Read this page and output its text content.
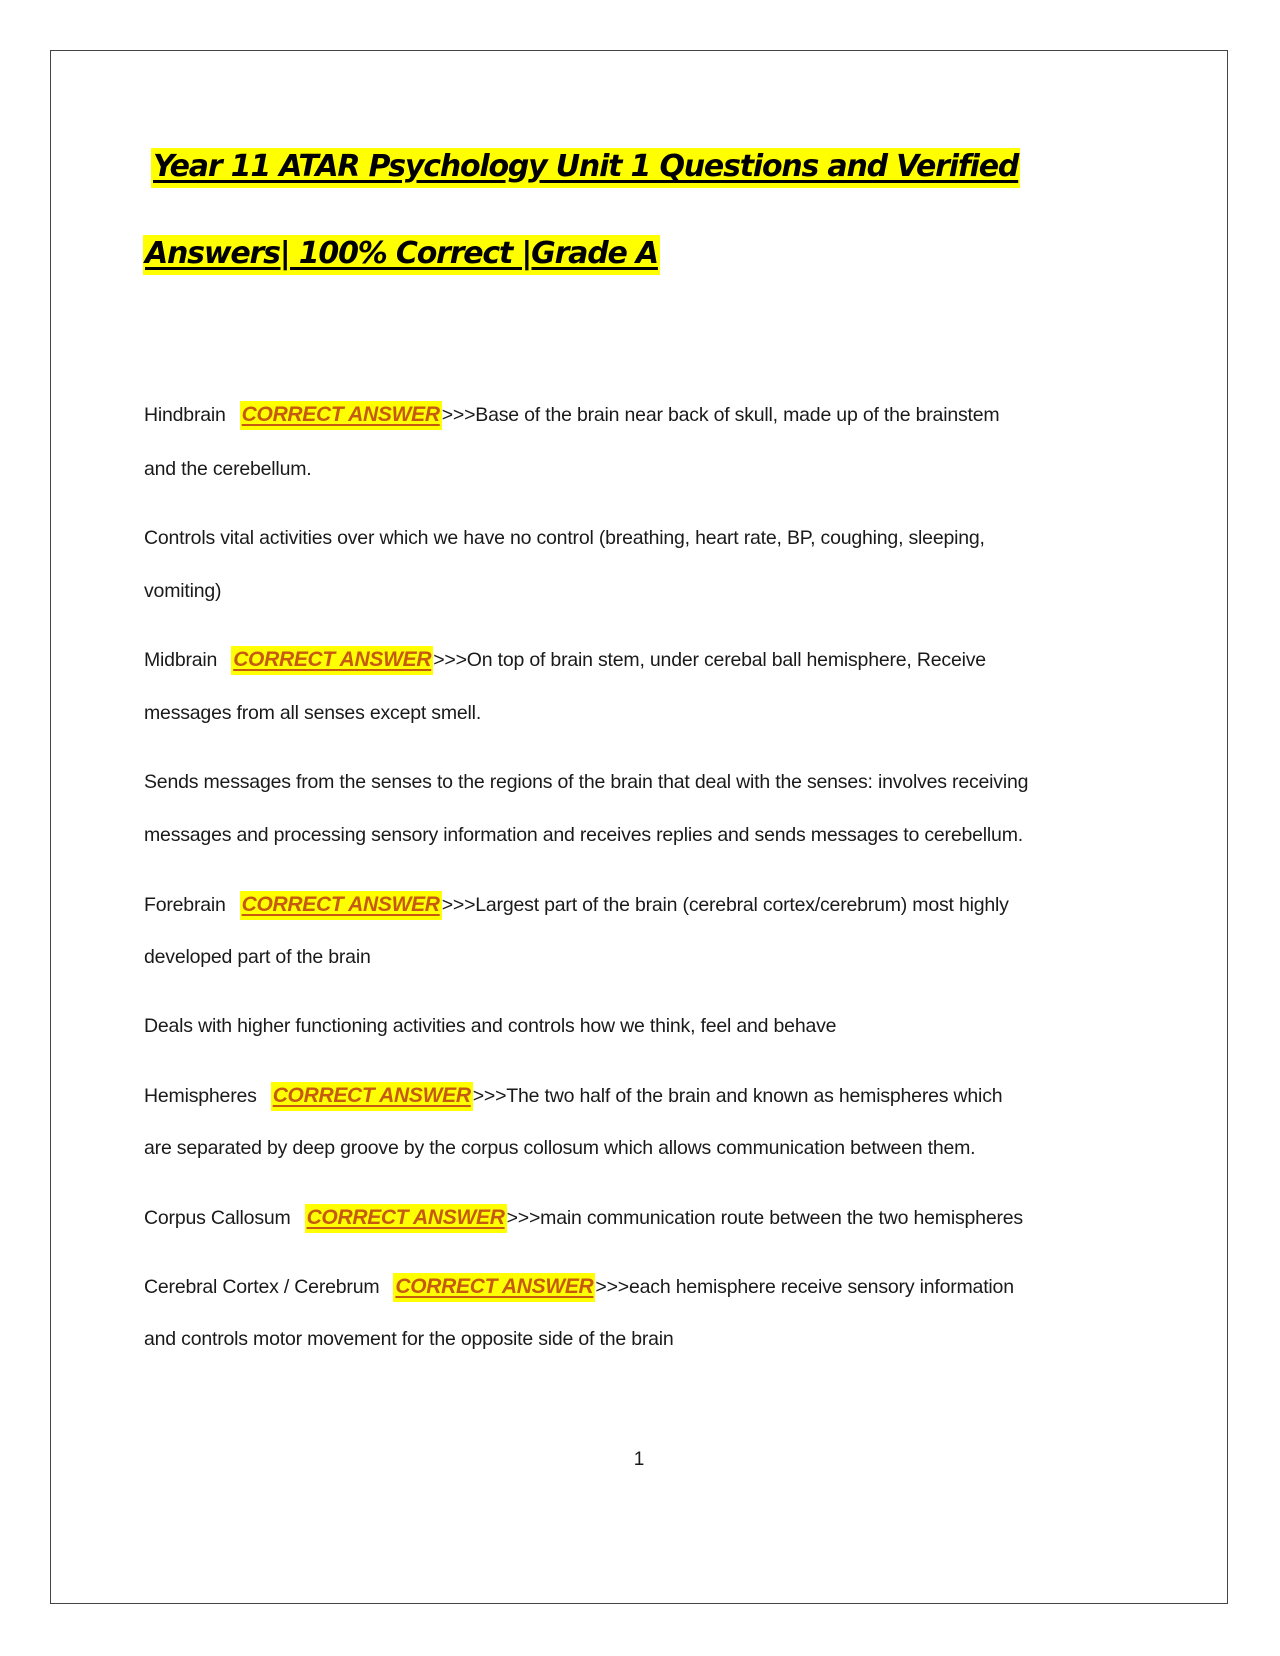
Year 11 ATAR Psychology Unit 1 Questions and Verified
Answers| 100% Correct |Grade A
Hindbrain CORRECT ANSWER >>>Base of the brain near back of skull, made up of the brainstem
and the cerebellum.
Controls vital activities over which we have no control (breathing, heart rate, BP, coughing, sleeping,
vomiting)
Midbrain CORRECT ANSWER >>>On top of brain stem, under cerebal ball hemisphere, Receive
messages from all senses except smell.
Sends messages from the senses to the regions of the brain that deal with the senses: involves receiving
messages and processing sensory information and receives replies and sends messages to cerebellum.
Forebrain CORRECT ANSWER >>>Largest part of the brain (cerebral cortex/cerebrum) most highly
developed part of the brain
Deals with higher functioning activities and controls how we think, feel and behave
Hemispheres CORRECT ANSWER >>>The two half of the brain and known as hemispheres which
are separated by deep groove by the corpus collosum which allows communication between them.
Corpus Callosum CORRECT ANSWER >>>main communication route between the two hemispheres
Cerebral Cortex / Cerebrum CORRECT ANSWER >>>each hemisphere receive sensory information
and controls motor movement for the opposite side of the brain
1
